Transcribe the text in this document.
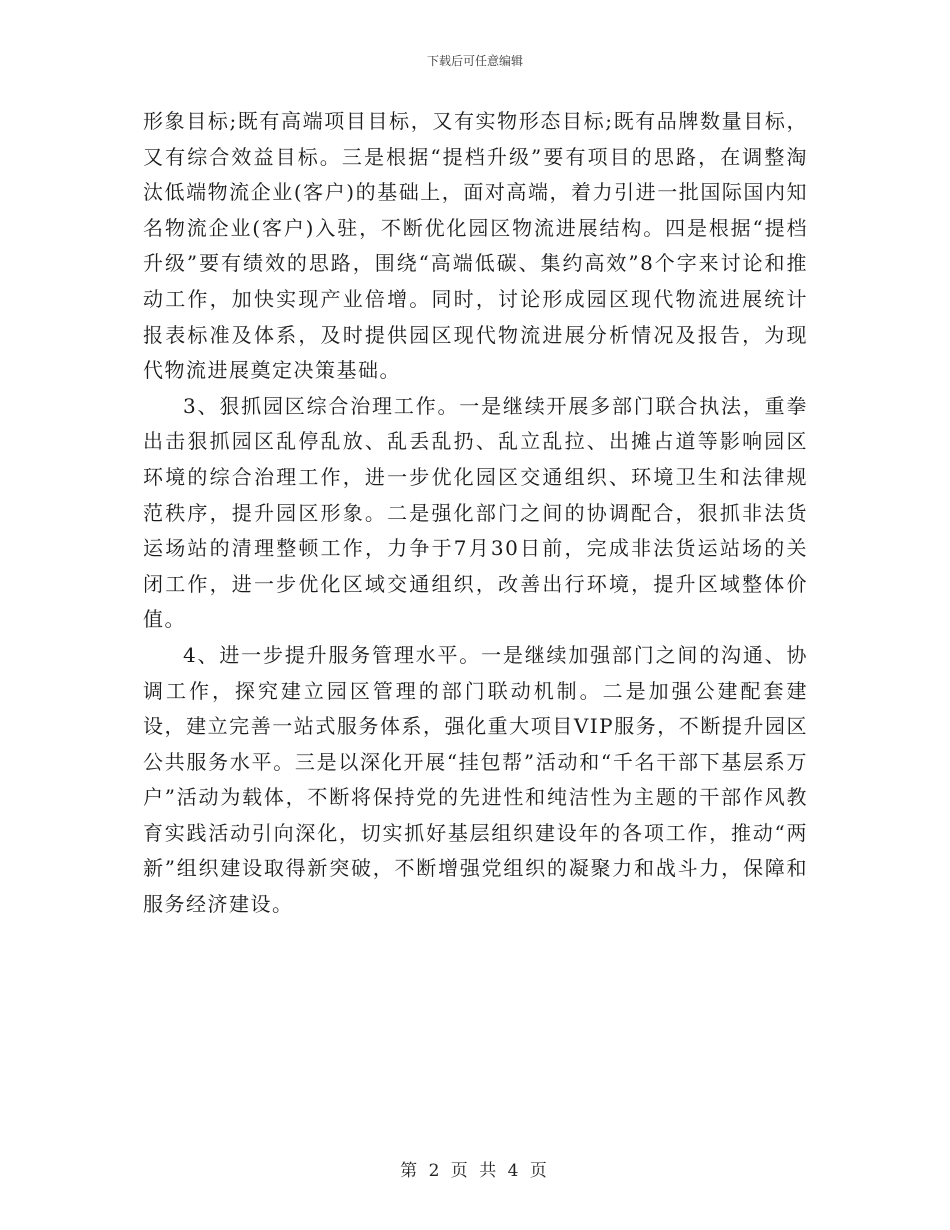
下载后可任意编辑

形象目标;既有高端项目目标，又有实物形态目标;既有品牌数量目标，又有综合效益目标。三是根据“提档升级”要有项目的思路，在调整淘汰低端物流企业(客户)的基础上，面对高端，着力引进一批国际国内知名物流企业(客户)入驻，不断优化园区物流进展结构。四是根据“提档升级”要有绩效的思路，围绕“高端低碳、集约高效”8个字来讨论和推动工作，加快实现产业倍增。同时，讨论形成园区现代物流进展统计报表标准及体系，及时提供园区现代物流进展分析情况及报告，为现代物流进展奠定决策基础。

3、狠抓园区综合治理工作。一是继续开展多部门联合执法，重拳出击狠抓园区乱停乱放、乱丢乱扔、乱立乱拉、出摊占道等影响园区环境的综合治理工作，进一步优化园区交通组织、环境卫生和法律规范秩序，提升园区形象。二是强化部门之间的协调配合，狠抓非法货运场站的清理整顿工作，力争于7月30日前，完成非法货运站场的关闭工作，进一步优化区域交通组织，改善出行环境，提升区域整体价值。

4、进一步提升服务管理水平。一是继续加强部门之间的沟通、协调工作，探究建立园区管理的部门联动机制。二是加强公建配套建设，建立完善一站式服务体系，强化重大项目VIP服务，不断提升园区公共服务水平。三是以深化开展“挂包帮”活动和“千名干部下基层系万户”活动为载体，不断将保持党的先进性和纯洁性为主题的干部作风教育实践活动引向深化，切实抓好基层组织建设年的各项工作，推动“两新”组织建设取得新突破，不断增强党组织的凝聚力和战斗力，保障和服务经济建设。

第 2 页 共 4 页
